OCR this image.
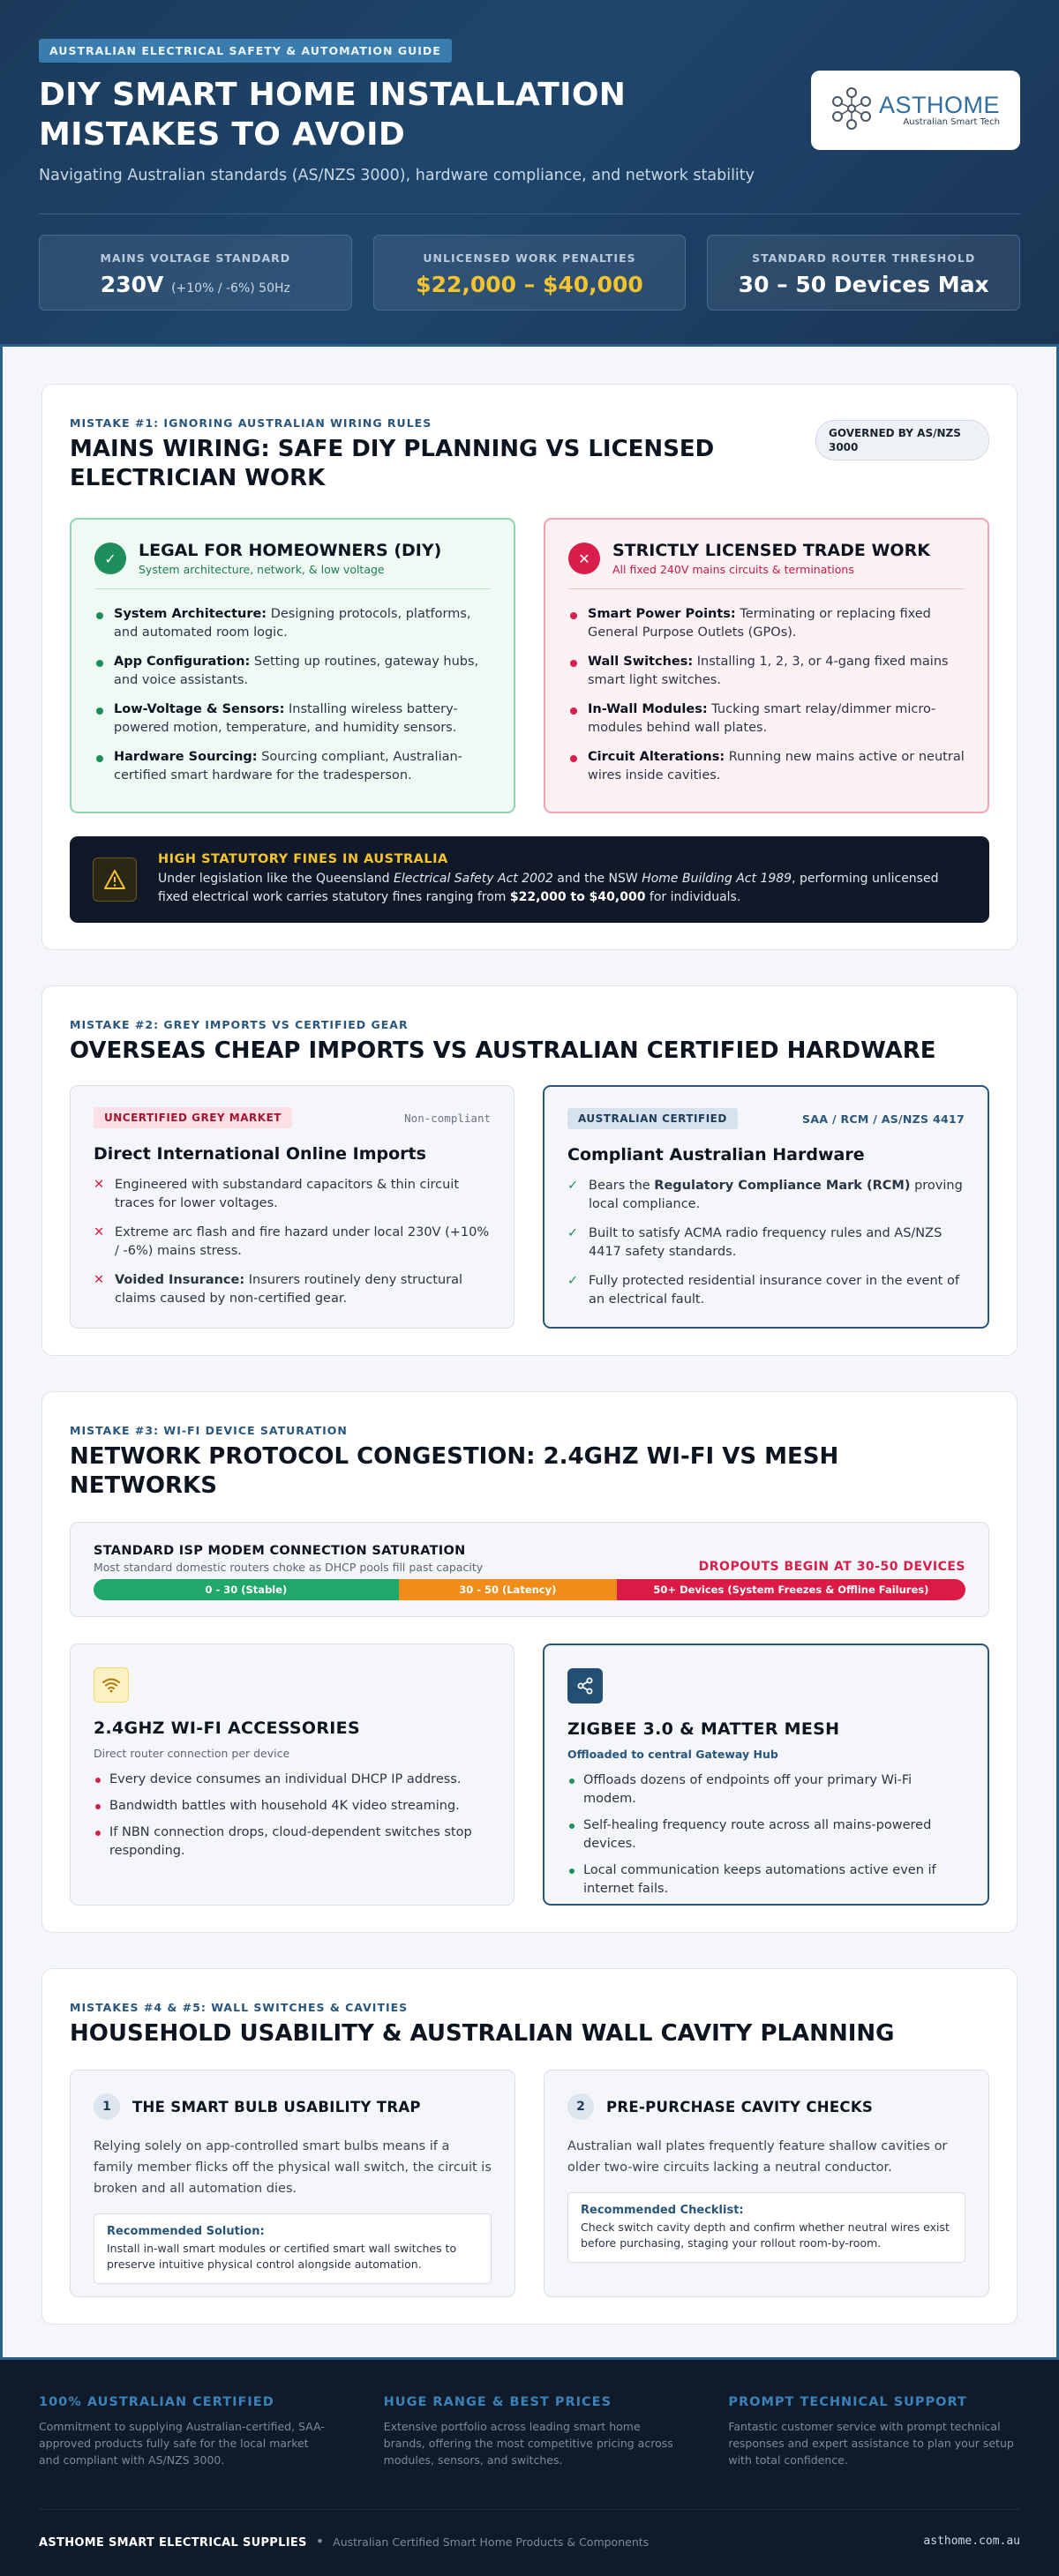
AUSTRALIAN ELECTRICAL SAFETY & AUTOMATION GUIDE
DIY SMART HOME INSTALLATION MISTAKES TO AVOID

Navigating Australian standards (AS/NZS 3000), hardware compliance, and network stability

ASTHOME
Australian Smart Tech
MAINS VOLTAGE STANDARD
230V (+10% / -6%) 50Hz
UNLICENSED WORK PENALTIES
$22,000 – $40,000
STANDARD ROUTER THRESHOLD
30 – 50 Devices Max
MISTAKE #1: IGNORING AUSTRALIAN WIRING RULES
MAINS WIRING: SAFE DIY PLANNING VS LICENSED ELECTRICIAN WORK
GOVERNED BY AS/NZS 3000
✓	LEGAL FOR HOMEOWNERS (DIY)
System architecture, network, & low voltage
System Architecture: Designing protocols, platforms, and automated room logic.
App Configuration: Setting up routines, gateway hubs, and voice assistants.
Low-Voltage & Sensors: Installing wireless battery-powered motion, temperature, and humidity sensors.
Hardware Sourcing: Sourcing compliant, Australian-certified smart hardware for the tradesperson.
✕	STRICTLY LICENSED TRADE WORK
All fixed 240V mains circuits & terminations
Smart Power Points: Terminating or replacing fixed General Purpose Outlets (GPOs).
Wall Switches: Installing 1, 2, 3, or 4-gang fixed mains smart light switches.
In-Wall Modules: Tucking smart relay/dimmer micro-modules behind wall plates.
Circuit Alterations: Running new mains active or neutral wires inside cavities.
HIGH STATUTORY FINES IN AUSTRALIA

Under legislation like the Queensland Electrical Safety Act 2002 and the NSW Home Building Act 1989, performing unlicensed fixed electrical work carries statutory fines ranging from $22,000 to $40,000 for individuals.

MISTAKE #2: GREY IMPORTS VS CERTIFIED GEAR
OVERSEAS CHEAP IMPORTS VS AUSTRALIAN CERTIFIED HARDWARE
UNCERTIFIED GREY MARKET	Non-compliant
Direct International Online Imports
✕ Engineered with substandard capacitors & thin circuit traces for lower voltages.
✕ Extreme arc flash and fire hazard under local 230V (+10% / -6%) mains stress.
✕ Voided Insurance: Insurers routinely deny structural claims caused by non-certified gear.
AUSTRALIAN CERTIFIED	SAA / RCM / AS/NZS 4417
Compliant Australian Hardware
✓ Bears the Regulatory Compliance Mark (RCM) proving local compliance.
✓ Built to satisfy ACMA radio frequency rules and AS/NZS 4417 safety standards.
✓ Fully protected residential insurance cover in the event of an electrical fault.
MISTAKE #3: WI-FI DEVICE SATURATION
NETWORK PROTOCOL CONGESTION: 2.4GHZ WI-FI VS MESH NETWORKS
STANDARD ISP MODEM CONNECTION SATURATION
Most standard domestic routers choke as DHCP pools fill past capacity	DROPOUTS BEGIN AT 30-50 DEVICES
0 - 30 (Stable)	30 - 50 (Latency)	50+ Devices (System Freezes & Offline Failures)
2.4GHZ WI-FI ACCESSORIES
Direct router connection per device
Every device consumes an individual DHCP IP address.
Bandwidth battles with household 4K video streaming.
If NBN connection drops, cloud-dependent switches stop responding.
ZIGBEE 3.0 & MATTER MESH
Offloaded to central Gateway Hub
Offloads dozens of endpoints off your primary Wi-Fi modem.
Self-healing frequency route across all mains-powered devices.
Local communication keeps automations active even if internet fails.
MISTAKES #4 & #5: WALL SWITCHES & CAVITIES
HOUSEHOLD USABILITY & AUSTRALIAN WALL CAVITY PLANNING
1	THE SMART BULB USABILITY TRAP

Relying solely on app-controlled smart bulbs means if a family member flicks off the physical wall switch, the circuit is broken and all automation dies.

Recommended Solution:
Install in-wall smart modules or certified smart wall switches to preserve intuitive physical control alongside automation.
2	PRE-PURCHASE CAVITY CHECKS

Australian wall plates frequently feature shallow cavities or older two-wire circuits lacking a neutral conductor.

Recommended Checklist:
Check switch cavity depth and confirm whether neutral wires exist before purchasing, staging your rollout room-by-room.
100% AUSTRALIAN CERTIFIED
Commitment to supplying Australian-certified, SAA-approved products fully safe for the local market and compliant with AS/NZS 3000.
HUGE RANGE & BEST PRICES
Extensive portfolio across leading smart home brands, offering the most competitive pricing across modules, sensors, and switches.
PROMPT TECHNICAL SUPPORT
Fantastic customer service with prompt technical responses and expert assistance to plan your setup with total confidence.
ASTHOME SMART ELECTRICAL SUPPLIES • Australian Certified Smart Home Products & Components	asthome.com.au
